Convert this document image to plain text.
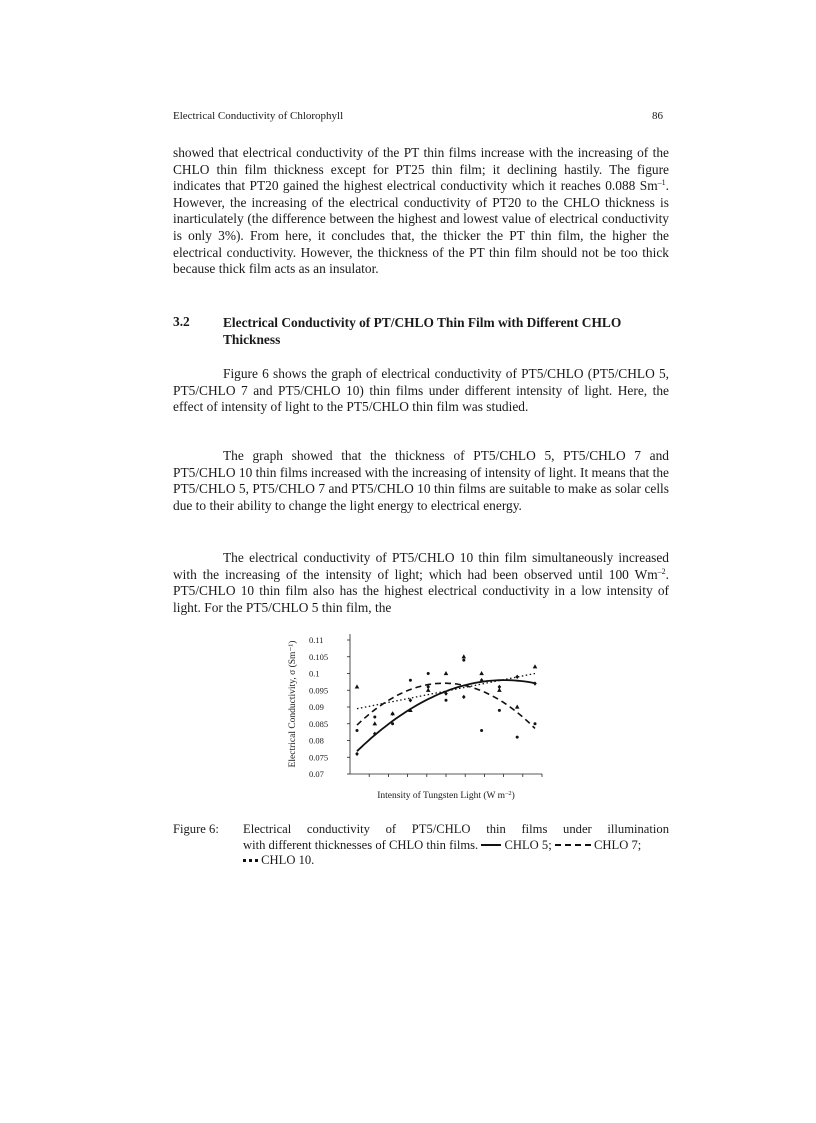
Electrical Conductivity of Chlorophyll	86

showed that electrical conductivity of the PT thin films increase with the increasing of the CHLO thin film thickness except for PT25 thin film; it declining hastily. The figure indicates that PT20 gained the highest electrical conductivity which it reaches 0.088 $Sm^{-1}$. However, the increasing of the electrical conductivity of PT20 to the CHLO thickness is inarticulately (the difference between the highest and lowest value of electrical conductivity is only 3%). From here, it concludes that, the thicker the PT thin film, the higher the electrical conductivity. However, the thickness of the PT thin film should not be too thick because thick film acts as an insulator.

3.2 Electrical Conductivity of PT/CHLO Thin Film with Different CHLO Thickness

Figure 6 shows the graph of electrical conductivity of PT5/CHLO (PT5/CHLO 5, PT5/CHLO 7 and PT5/CHLO 10) thin films under different intensity of light. Here, the effect of intensity of light to the PT5/CHLO thin film was studied.

The graph showed that the thickness of PT5/CHLO 5, PT5/CHLO 7 and PT5/CHLO 10 thin films increased with the increasing of intensity of light. It means that the PT5/CHLO 5, PT5/CHLO 7 and PT5/CHLO 10 thin films are suitable to make as solar cells due to their ability to change the light energy to electrical energy.

The electrical conductivity of PT5/CHLO 10 thin film simultaneously increased with the increasing of the intensity of light; which had been observed until 100 $Wm^{-2}$. PT5/CHLO 10 thin film also has the highest electrical conductivity in a low intensity of light. For the PT5/CHLO 5 thin film, the

0.07
0.075
0.08
0.085
0.09
0.095
0.1
0.105
0.11
Electrical Conductivity, σ (Sm⁻¹)
Intensity of Tungsten Light (W $m^{-2}$)
Figure 6: Electrical conductivity of PT5/CHLO thin films under illumination
with different thicknesses of CHLO thin films. CHLO 5;	CHLO 7;
CHLO 10.
